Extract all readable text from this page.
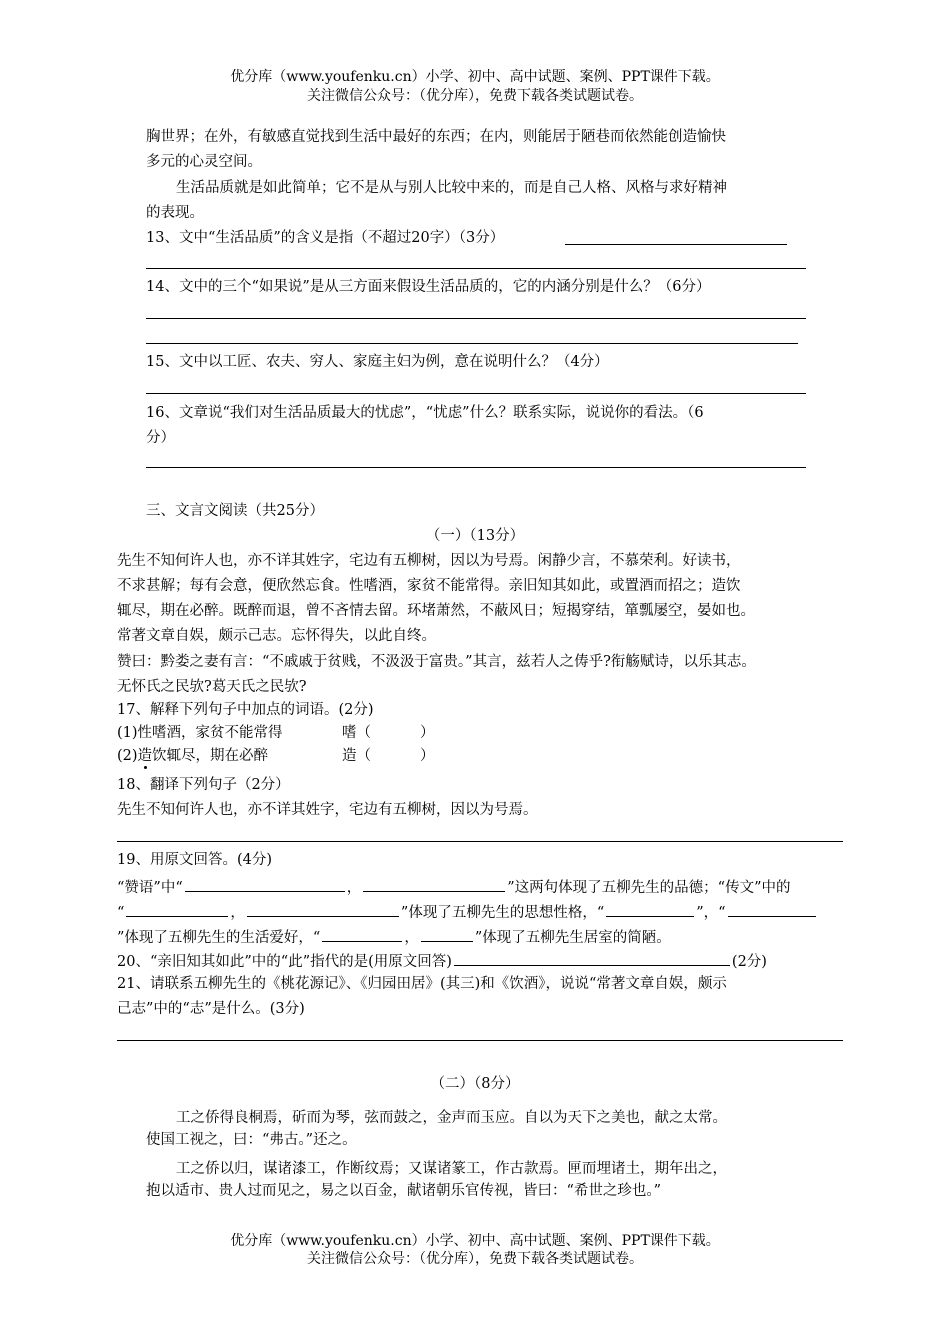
优分库（www.youfenku.cn）小学、初中、高中试题、案例、PPT课件下载。
关注微信公众号：（优分库），免费下载各类试题试卷。
胸世界；在外，有敏感直觉找到生活中最好的东西；在内，则能居于陋巷而依然能创造愉快
多元的心灵空间。
生活品质就是如此简单；它不是从与别人比较中来的，而是自己人格、风格与求好精神
的表现。
13、文中“生活品质”的含义是指（不超过20字）（3分）
14、文中的三个“如果说”是从三方面来假设生活品质的，它的内涵分别是什么？（6分）
15、文中以工匠、农夫、穷人、家庭主妇为例，意在说明什么？（4分）
16、文章说“我们对生活品质最大的忧虑”，“忧虑”什么？联系实际，说说你的看法。（6
分）
三、文言文阅读（共25分）
（一）（13分）
先生不知何许人也，亦不详其姓字，宅边有五柳树，因以为号焉。闲静少言，不慕荣利。好读书，
不求甚解；每有会意，便欣然忘食。性嗜酒，家贫不能常得。亲旧知其如此，或置酒而招之；造饮
辄尽，期在必醉。既醉而退，曾不吝情去留。环堵萧然，不蔽风日；短揭穿结，箪瓢屡空，晏如也。
常著文章自娱，颇示己志。忘怀得失，以此自终。
赞曰：黔娄之妻有言：“不戚戚于贫贱，不汲汲于富贵。”其言，兹若人之俦乎?衔觞赋诗，以乐其志。
无怀氏之民欤?葛天氏之民欤?
17、解释下列句子中加点的词语。(2分)
(1)性嗜酒，家贫不能常得	嗜（	）
(2)造饮辄尽，期在必醉	造（	）
18、翻译下列句子（2分）
先生不知何许人也，亦不详其姓字，宅边有五柳树，因以为号焉。
19、用原文回答。(4分)
“赞语”中“	，	”这两句体现了五柳先生的品德；“传文”中的
“	，	”体现了五柳先生的思想性格，“	”，“
”体现了五柳先生的生活爱好，“	，	”体现了五柳先生居室的简陋。
20、“亲旧知其如此”中的“此”指代的是(用原文回答)	(2分)
21、请联系五柳先生的《桃花源记》、《归园田居》(其三)和《饮酒》，说说“常著文章自娱，颇示
己志”中的“志”是什么。(3分)
（二）（8分）
工之侨得良桐焉，斫而为琴，弦而鼓之，金声而玉应。自以为天下之美也，献之太常。
使国工视之，曰：“弗古。”还之。
工之侨以归，谋诸漆工，作断纹焉；又谋诸篆工，作古款焉。匣而埋诸土，期年出之，
抱以适市、贵人过而见之，易之以百金，献诸朝乐官传视，皆曰：“希世之珍也。”
优分库（www.youfenku.cn）小学、初中、高中试题、案例、PPT课件下载。
关注微信公众号：（优分库），免费下载各类试题试卷。
